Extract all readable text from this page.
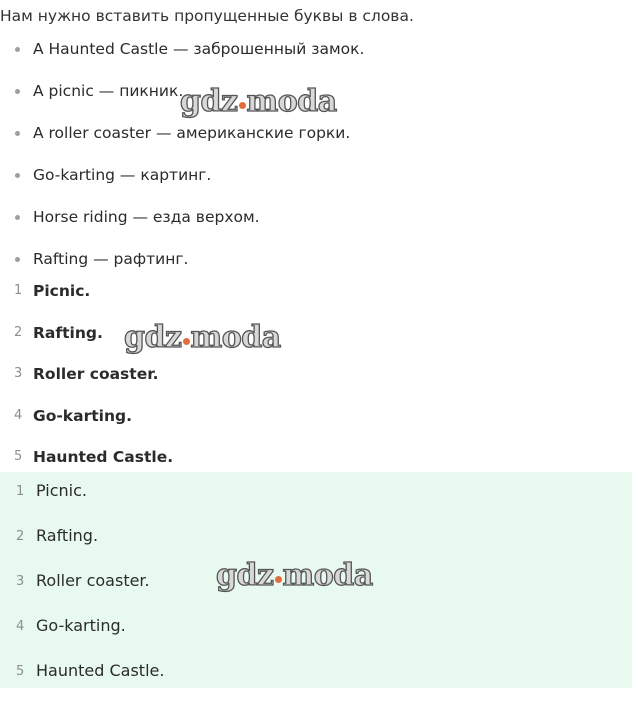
Нам нужно вставить пропущенные буквы в слова.
A Haunted Castle — заброшенный замок.
A picnic — пикник.
A roller coaster — американские горки.
Go-karting — картинг.
Horse riding — езда верхом.
Rafting — рафтинг.
1 Picnic.
2 Rafting.
3 Roller coaster.
4 Go-karting.
5 Haunted Castle.
1 Picnic.
2 Rafting.
3 Roller coaster.
4 Go-karting.
5 Haunted Castle.
gdz moda
gdz moda
gdz moda
